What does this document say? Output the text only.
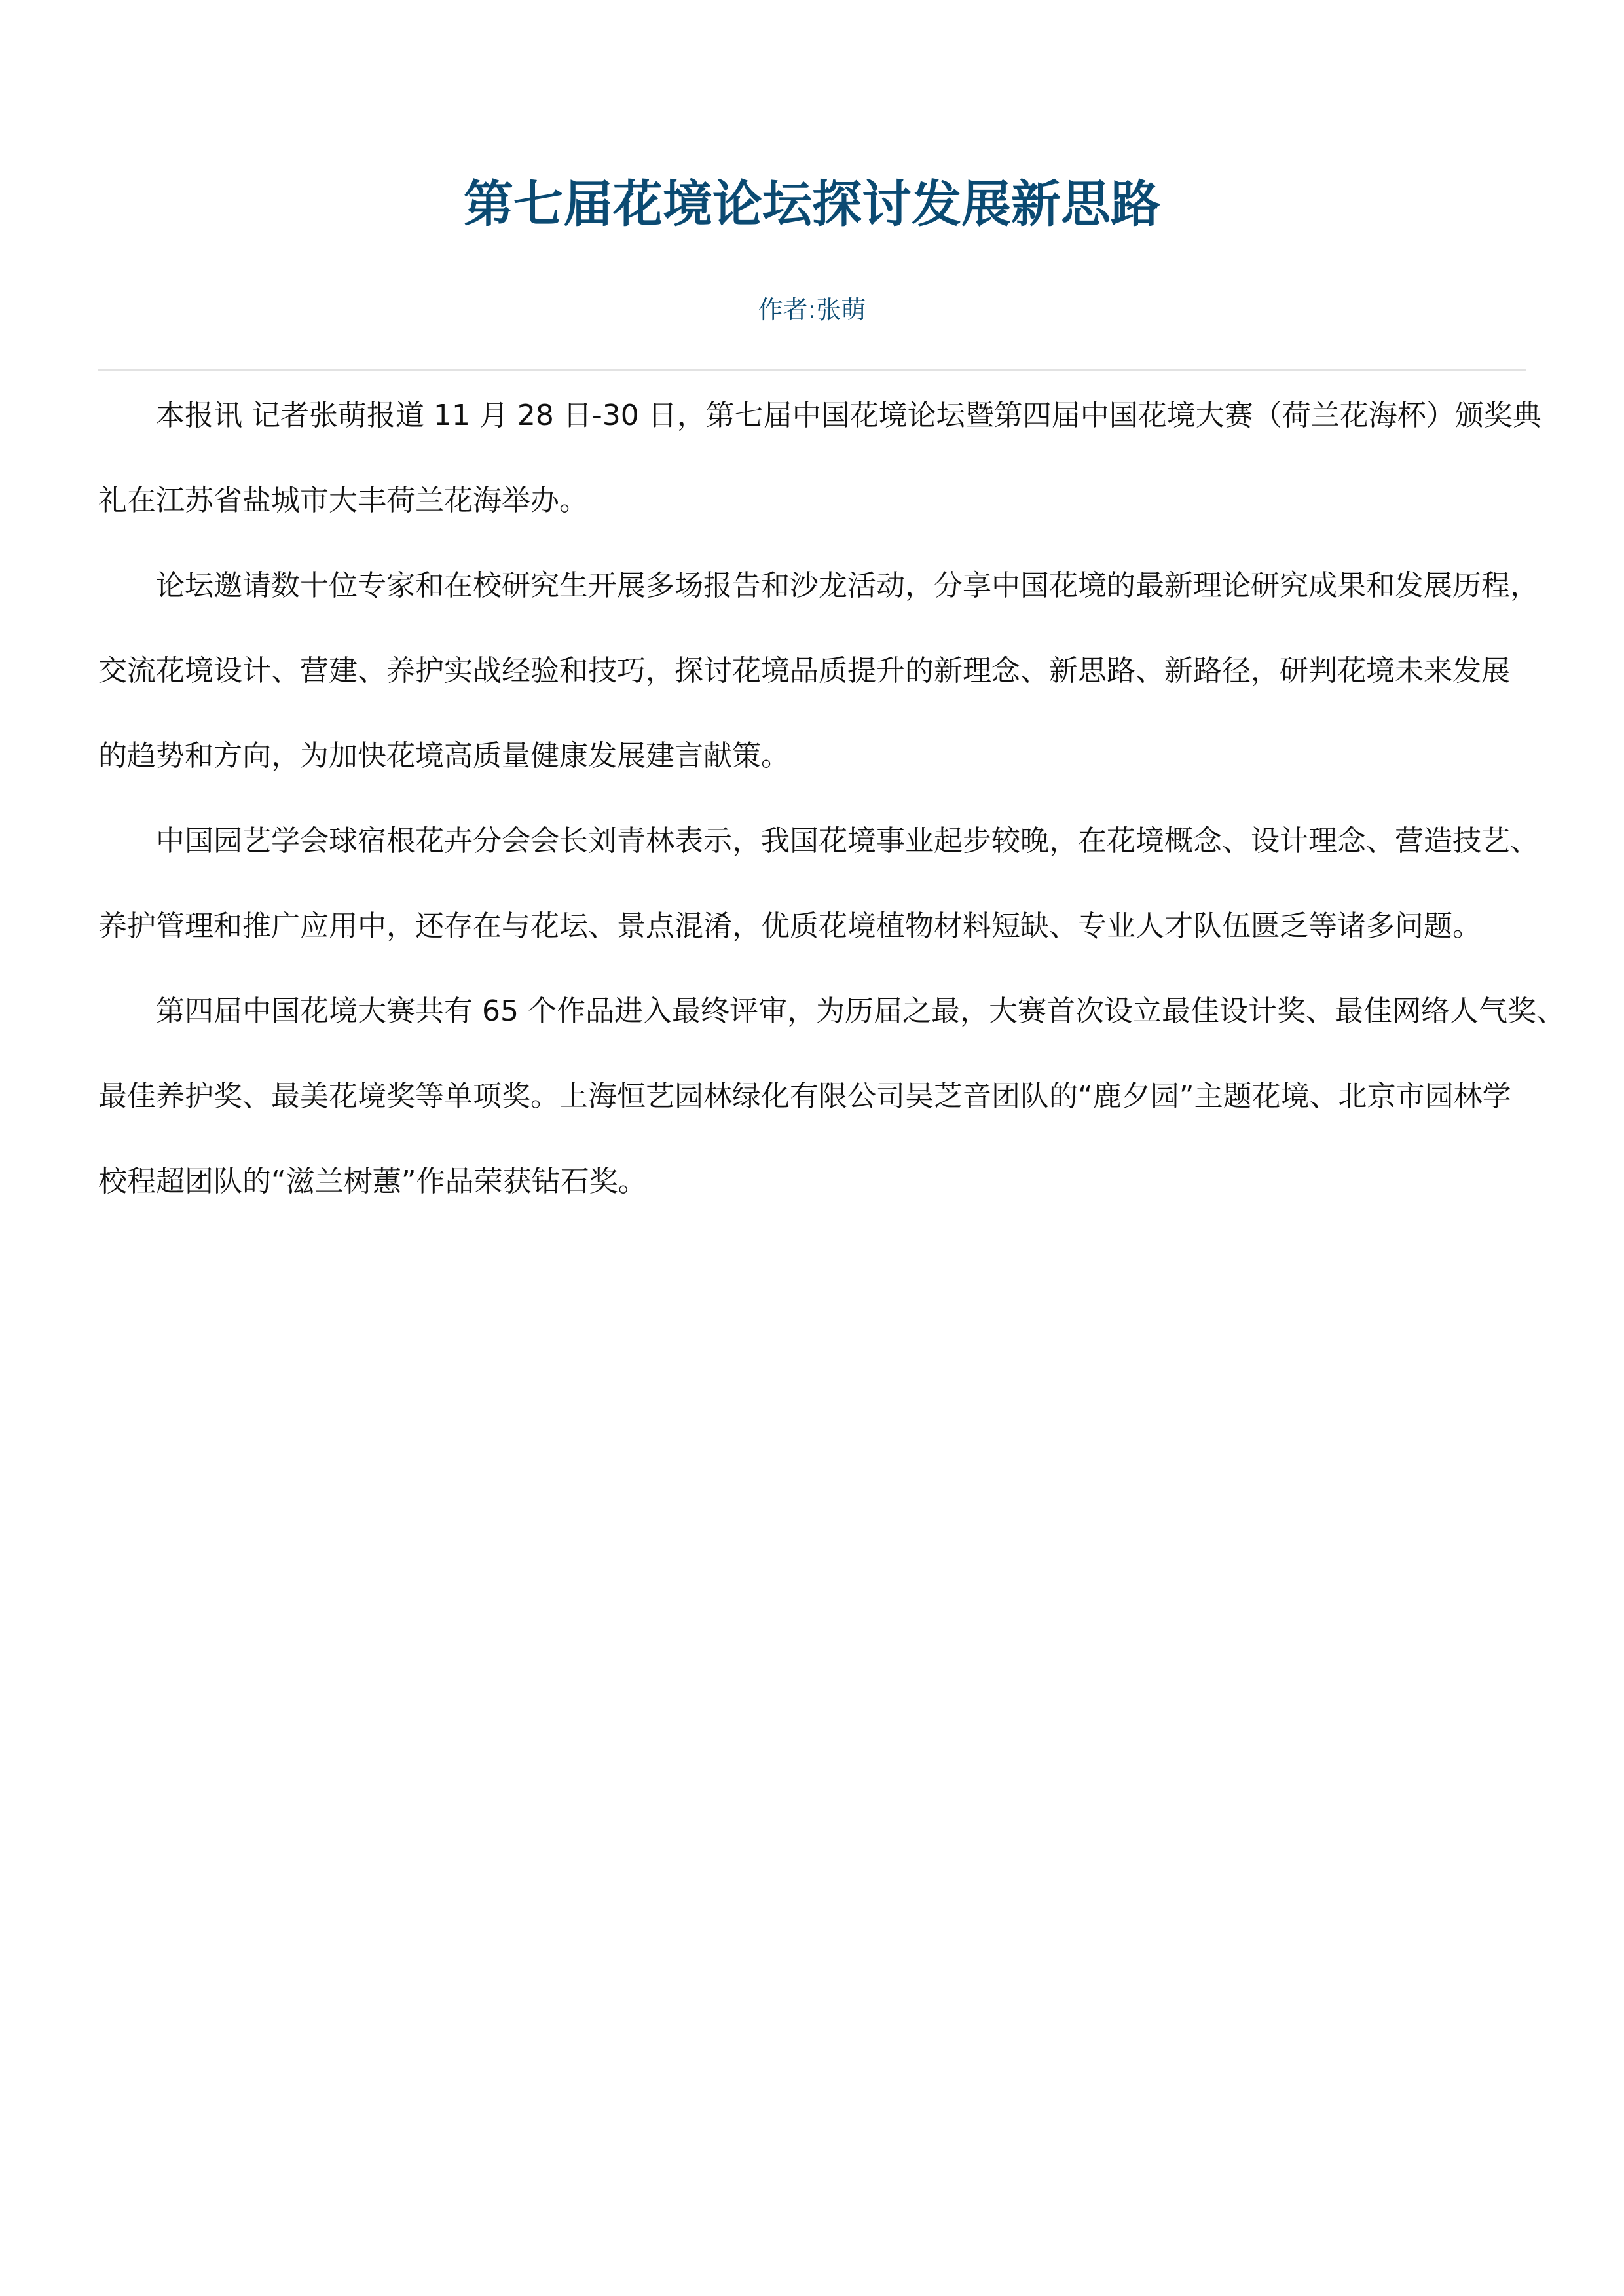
第七届花境论坛探讨发展新思路
作者:张萌
本报讯 记者张萌报道 11 月 28 日-30 日，第七届中国花境论坛暨第四届中国花境大赛（荷兰花海杯）颁奖典
礼在江苏省盐城市大丰荷兰花海举办。
论坛邀请数十位专家和在校研究生开展多场报告和沙龙活动，分享中国花境的最新理论研究成果和发展历程，
交流花境设计、营建、养护实战经验和技巧，探讨花境品质提升的新理念、新思路、新路径，研判花境未来发展
的趋势和方向，为加快花境高质量健康发展建言献策。
中国园艺学会球宿根花卉分会会长刘青林表示，我国花境事业起步较晚，在花境概念、设计理念、营造技艺、
养护管理和推广应用中，还存在与花坛、景点混淆，优质花境植物材料短缺、专业人才队伍匮乏等诸多问题。
第四届中国花境大赛共有 65 个作品进入最终评审，为历届之最，大赛首次设立最佳设计奖、最佳网络人气奖、
最佳养护奖、最美花境奖等单项奖。上海恒艺园林绿化有限公司吴芝音团队的“鹿夕园”主题花境、北京市园林学
校程超团队的“滋兰树蕙”作品荣获钻石奖。
